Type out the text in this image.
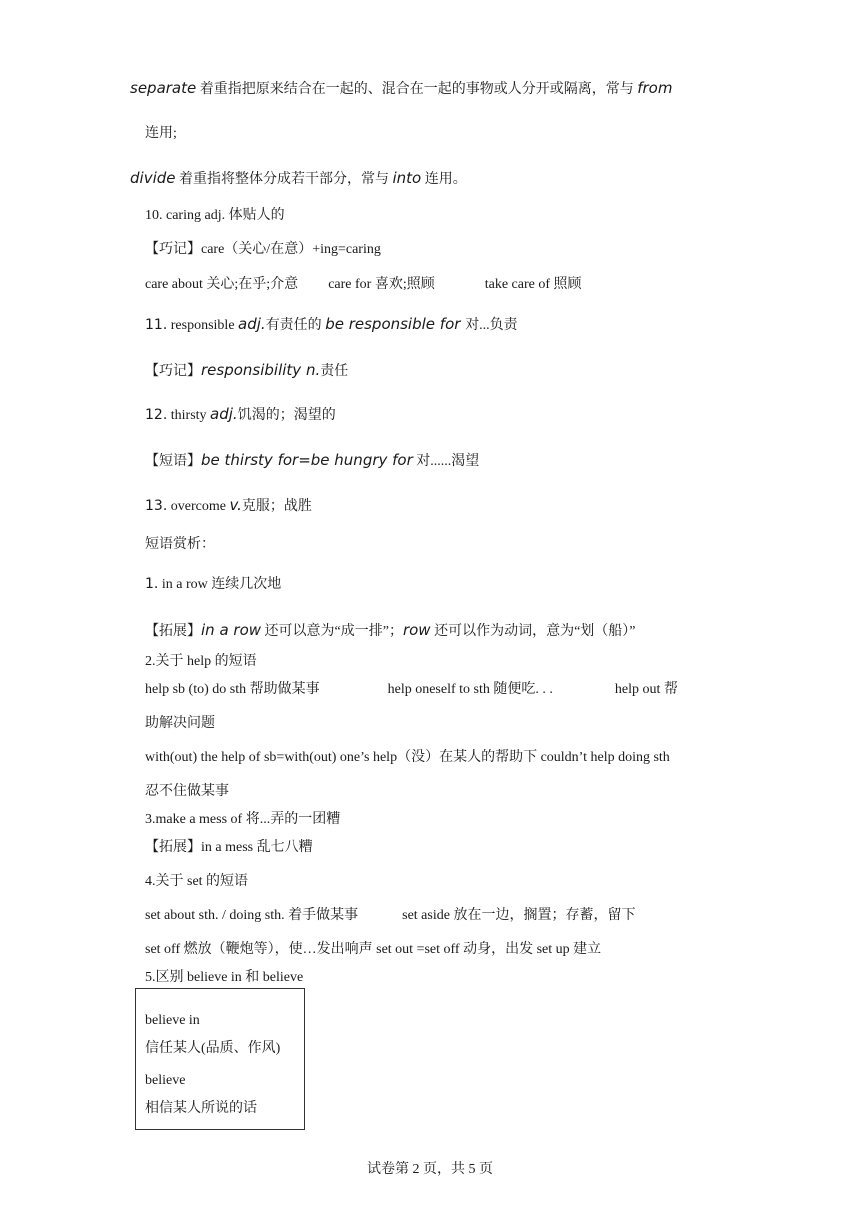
separate 着重指把原来结合在一起的、混合在一起的事物或人分开或隔离，常与 from
连用;
divide 着重指将整体分成若干部分，常与 into 连用。
10. caring adj. 体贴人的
【巧记】care（关心/在意）+ing=caring
care about 关心;在乎;介意 care for 喜欢;照顾	take care of 照顾
11. responsible adj.有责任的 be responsible for 对...负责
【巧记】responsibility n.责任
12. thirsty adj.饥渴的；渴望的
【短语】be thirsty for=be hungry for 对......渴望
13. overcome v.克服；战胜
短语赏析：
1. in a row 连续几次地
【拓展】in a row 还可以意为“成一排”；row 还可以作为动词，意为“划（船）”
2.关于 help 的短语
help sb (to) do sth 帮助做某事	help oneself to sth 随便吃. . .	help out 帮
助解决问题
with(out) the help of sb=with(out) one’s help（没）在某人的帮助下 couldn’t help doing sth
忍不住做某事
3.make a mess of 将...弄的一团糟
【拓展】in a mess 乱七八糟
4.关于 set 的短语
set about sth. / doing sth. 着手做某事	set aside 放在一边，搁置；存蓄，留下
set off 燃放（鞭炮等），使…发出响声 set out =set off 动身，出发 set up 建立
5.区别 believe in 和 believe
believe in
信任某人(品质、作风)
believe
相信某人所说的话
试卷第 2 页，共 5 页
